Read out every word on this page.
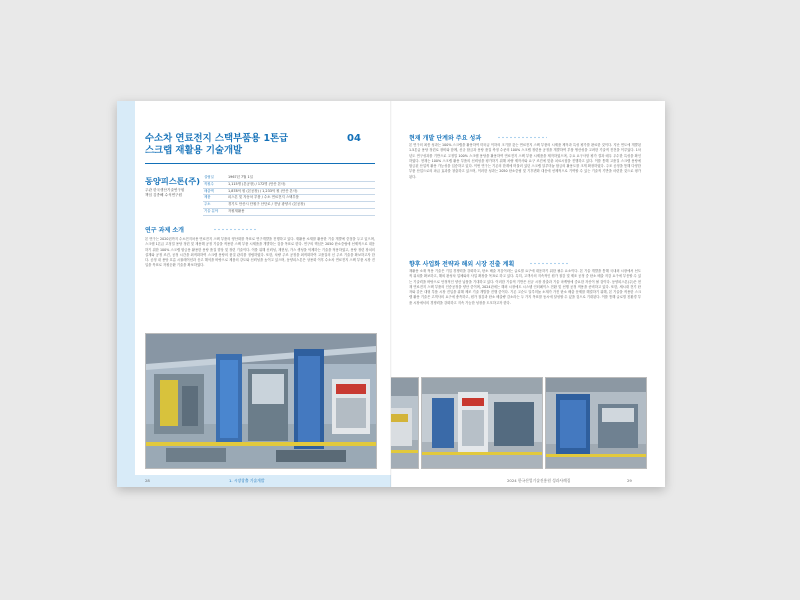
수소차 연료전지 스택부품용 1톤급
스크랩 재활용 기술개발
04
동양피스톤(주)
주관 한국생산기술연구원
책임 김종해 수석연구원
설립일	1967년 7월 1일
직원수	1,115명 (본공장) / 172명 (안산 본사)
매출액	1,878억 원 (본공장) / 1,233억 원 (안산 본사)
제품	피스톤 및 자동차 부품 / 수소 연료전지 스택부품
주소	경기도 안산시 단원구 산단로 / 전남 광양시 (본공장)
기술 분야	자원재활용
연구 과제 소개
본 연구는 2020년까지 수소전지차용 연료전지 스택 부품의 양산화를 목표로 연구개발을 진행하고 있다. 재활용 소재를 활용한 기술 개발에 중점을 두고 있으며, 스크랩 1톤급 고정밀 용탕 정련 및 재용해 공정 기술을 적용한 스택 부품 시제품을 개발하는 것을 목표로 한다. 연구의 핵심은 2050 탄소중립에 선제적으로 대응하기 위한 100% 스크랩 합금용 활용한 용탕 품질 향상 및 정련 기술이다. 이를 위해 신뢰성, 재현성, 가스 생성을 억제하는 기술을 적용하였고, 용탕 정련 장치의 설계와 공정 조건, 공정 시간을 최적화하여 스크랩 용탕의 품질 관리를 정립하였다. 또한, 차량 주조 공정을 최적화하여 고품질의 신 주조 기술을 확보하고자 한다. 공정 내 용탕 흐름 시뮬레이션과 응고 해석을 바탕으로 제품의 강도와 신뢰성을 높이고 있으며, 동양피스톤은 상용화 이후 수소차 연료전지 스택 부품 시장 진입을 목표로 자원순환 기술을 확보하였다.
28	1. 시장창출 기술개발
현재 개발 단계와 주요 성과
본 연구의 최종 성과는 100% 스크랩을 활용하여 미터급 이하의 크기를 갖는 연료전지 스택 부품의 시제품 제작과 특성 평가를 완료한 것이다. 지난 연도에 개발된 1.5톤급 용탕 정련로 장비와 함께, 신규 합금과 용탕 품질 측정 수준의 100% 스크랩 정련용 공정을 개발하여 부품 생산성을 고려한 기술적 진전을 이루었다. 1차년도 연구성과를 기반으로 고정밀 100% 스크랩 용탕을 활용하여 연료전지 스택 부품 시제품을 제작하였으며, 주요 요구사항 평가 결과 매우 우수한 특성을 확인하였다. 현재는 100% 스크랩 활용 부품의 신뢰성을 평가하기 위해 차량 제작사와 요구 조건에 맞춘 치료시험을 진행하고 있다. 이를 통해 고품질 스크랩 용탕에 합금된 산업적 활용 가능성을 입증하고 있다. 이번 연구는 기존의 한계에 머물러 있던 스크랩 알루미늄 합금의 활용도를 크게 확장하였다. 주조 공정을 통해 다양한 부품 산업으로의 파급 효과를 창출하고 있으며, 이러한 성과는 2050 탄소중립 및 기후변화 대응에 선제적으로 기여할 수 있는 기술적 기반을 마련한 것으로 평가된다.
향후 사업화 전략과 해외 시장 진출 계획
재활용 소재 적용 기술은 기업 경쟁력을 강화하고, 탄소 배출 저감이라는 글로벌 요구에 대응하기 위한 필수 요소이다. 본 기술 개발을 통해 국내외 시장에서 선도적 위치를 확보하고, 해외 완성차 업체와의 사업 확장을 목표로 하고 있다. 특히, 고객사의 지속적인 원가 절감 및 제조 공정 중 탄소 배출 저감 요구에 부응할 수 있는 기술력을 바탕으로 안정적인 양산 납품을 기대하고 있다. 이러한 기술적 기반은 신규 시장 창출과 기술 마케팅에 중요한 자산이 될 것이다. 동양피스톤(주)은 현재 연료전지 스택 부품의 인증공정을 양산 중이며, 2024년에는 해외 시장에도 시스템 인터페이스 전환 및 선행 공정 적용을 준비하고 있다. 또한, 세시대 전기 탄자와 같은 대형 부품 시장 진입을 위해 제조 기술 개발을 진행 중이다. 기존 고순도 알루미늄 소재가 가진 탄소 배출 문제를 해결하기 위해, 본 기술을 적용한 스크랩 활용 기술은 고객사의 요구에 충족하고, 원가 절감과 탄소 배출량 감소라는 두 가지 목표를 동시에 달성할 수 있을 것으로 기대된다. 이를 통해 글로벌 친환경 부품 시장에서의 경쟁력을 강화하고 지속 가능한 성장을 도모하고자 한다.
2024 한국산업기술진흥원 성과사례집	29
